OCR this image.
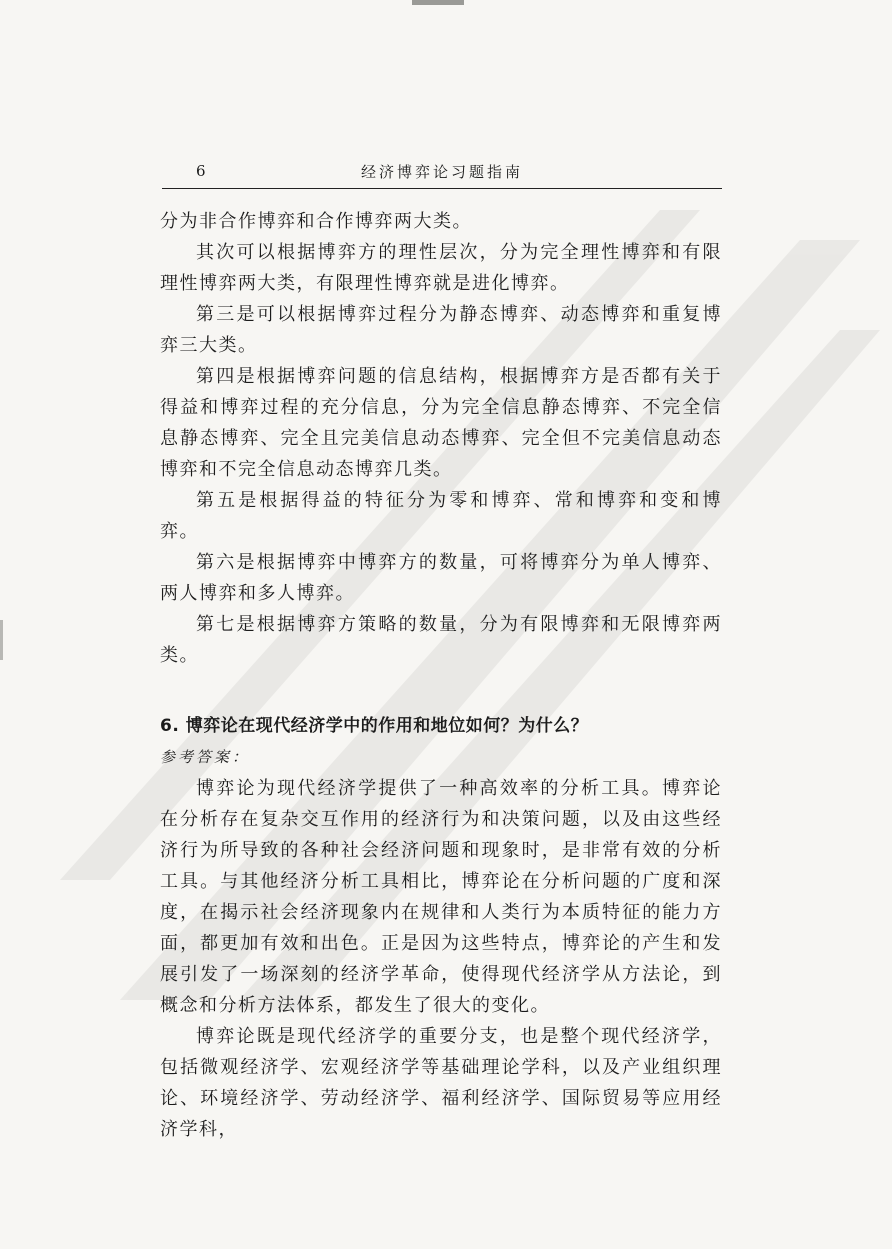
6	经济博弈论习题指南

分为非合作博弈和合作博弈两大类。

其次可以根据博弈方的理性层次，分为完全理性博弈和有限理性博弈两大类，有限理性博弈就是进化博弈。

第三是可以根据博弈过程分为静态博弈、动态博弈和重复博弈三大类。

第四是根据博弈问题的信息结构，根据博弈方是否都有关于得益和博弈过程的充分信息，分为完全信息静态博弈、不完全信息静态博弈、完全且完美信息动态博弈、完全但不完美信息动态博弈和不完全信息动态博弈几类。

第五是根据得益的特征分为零和博弈、常和博弈和变和博弈。

第六是根据博弈中博弈方的数量，可将博弈分为单人博弈、两人博弈和多人博弈。

第七是根据博弈方策略的数量，分为有限博弈和无限博弈两类。

6. 博弈论在现代经济学中的作用和地位如何？为什么？

参考答案：

博弈论为现代经济学提供了一种高效率的分析工具。博弈论在分析存在复杂交互作用的经济行为和决策问题，以及由这些经济行为所导致的各种社会经济问题和现象时，是非常有效的分析工具。与其他经济分析工具相比，博弈论在分析问题的广度和深度，在揭示社会经济现象内在规律和人类行为本质特征的能力方面，都更加有效和出色。正是因为这些特点，博弈论的产生和发展引发了一场深刻的经济学革命，使得现代经济学从方法论，到概念和分析方法体系，都发生了很大的变化。

博弈论既是现代经济学的重要分支，也是整个现代经济学，包括微观经济学、宏观经济学等基础理论学科，以及产业组织理论、环境经济学、劳动经济学、福利经济学、国际贸易等应用经济学科，
